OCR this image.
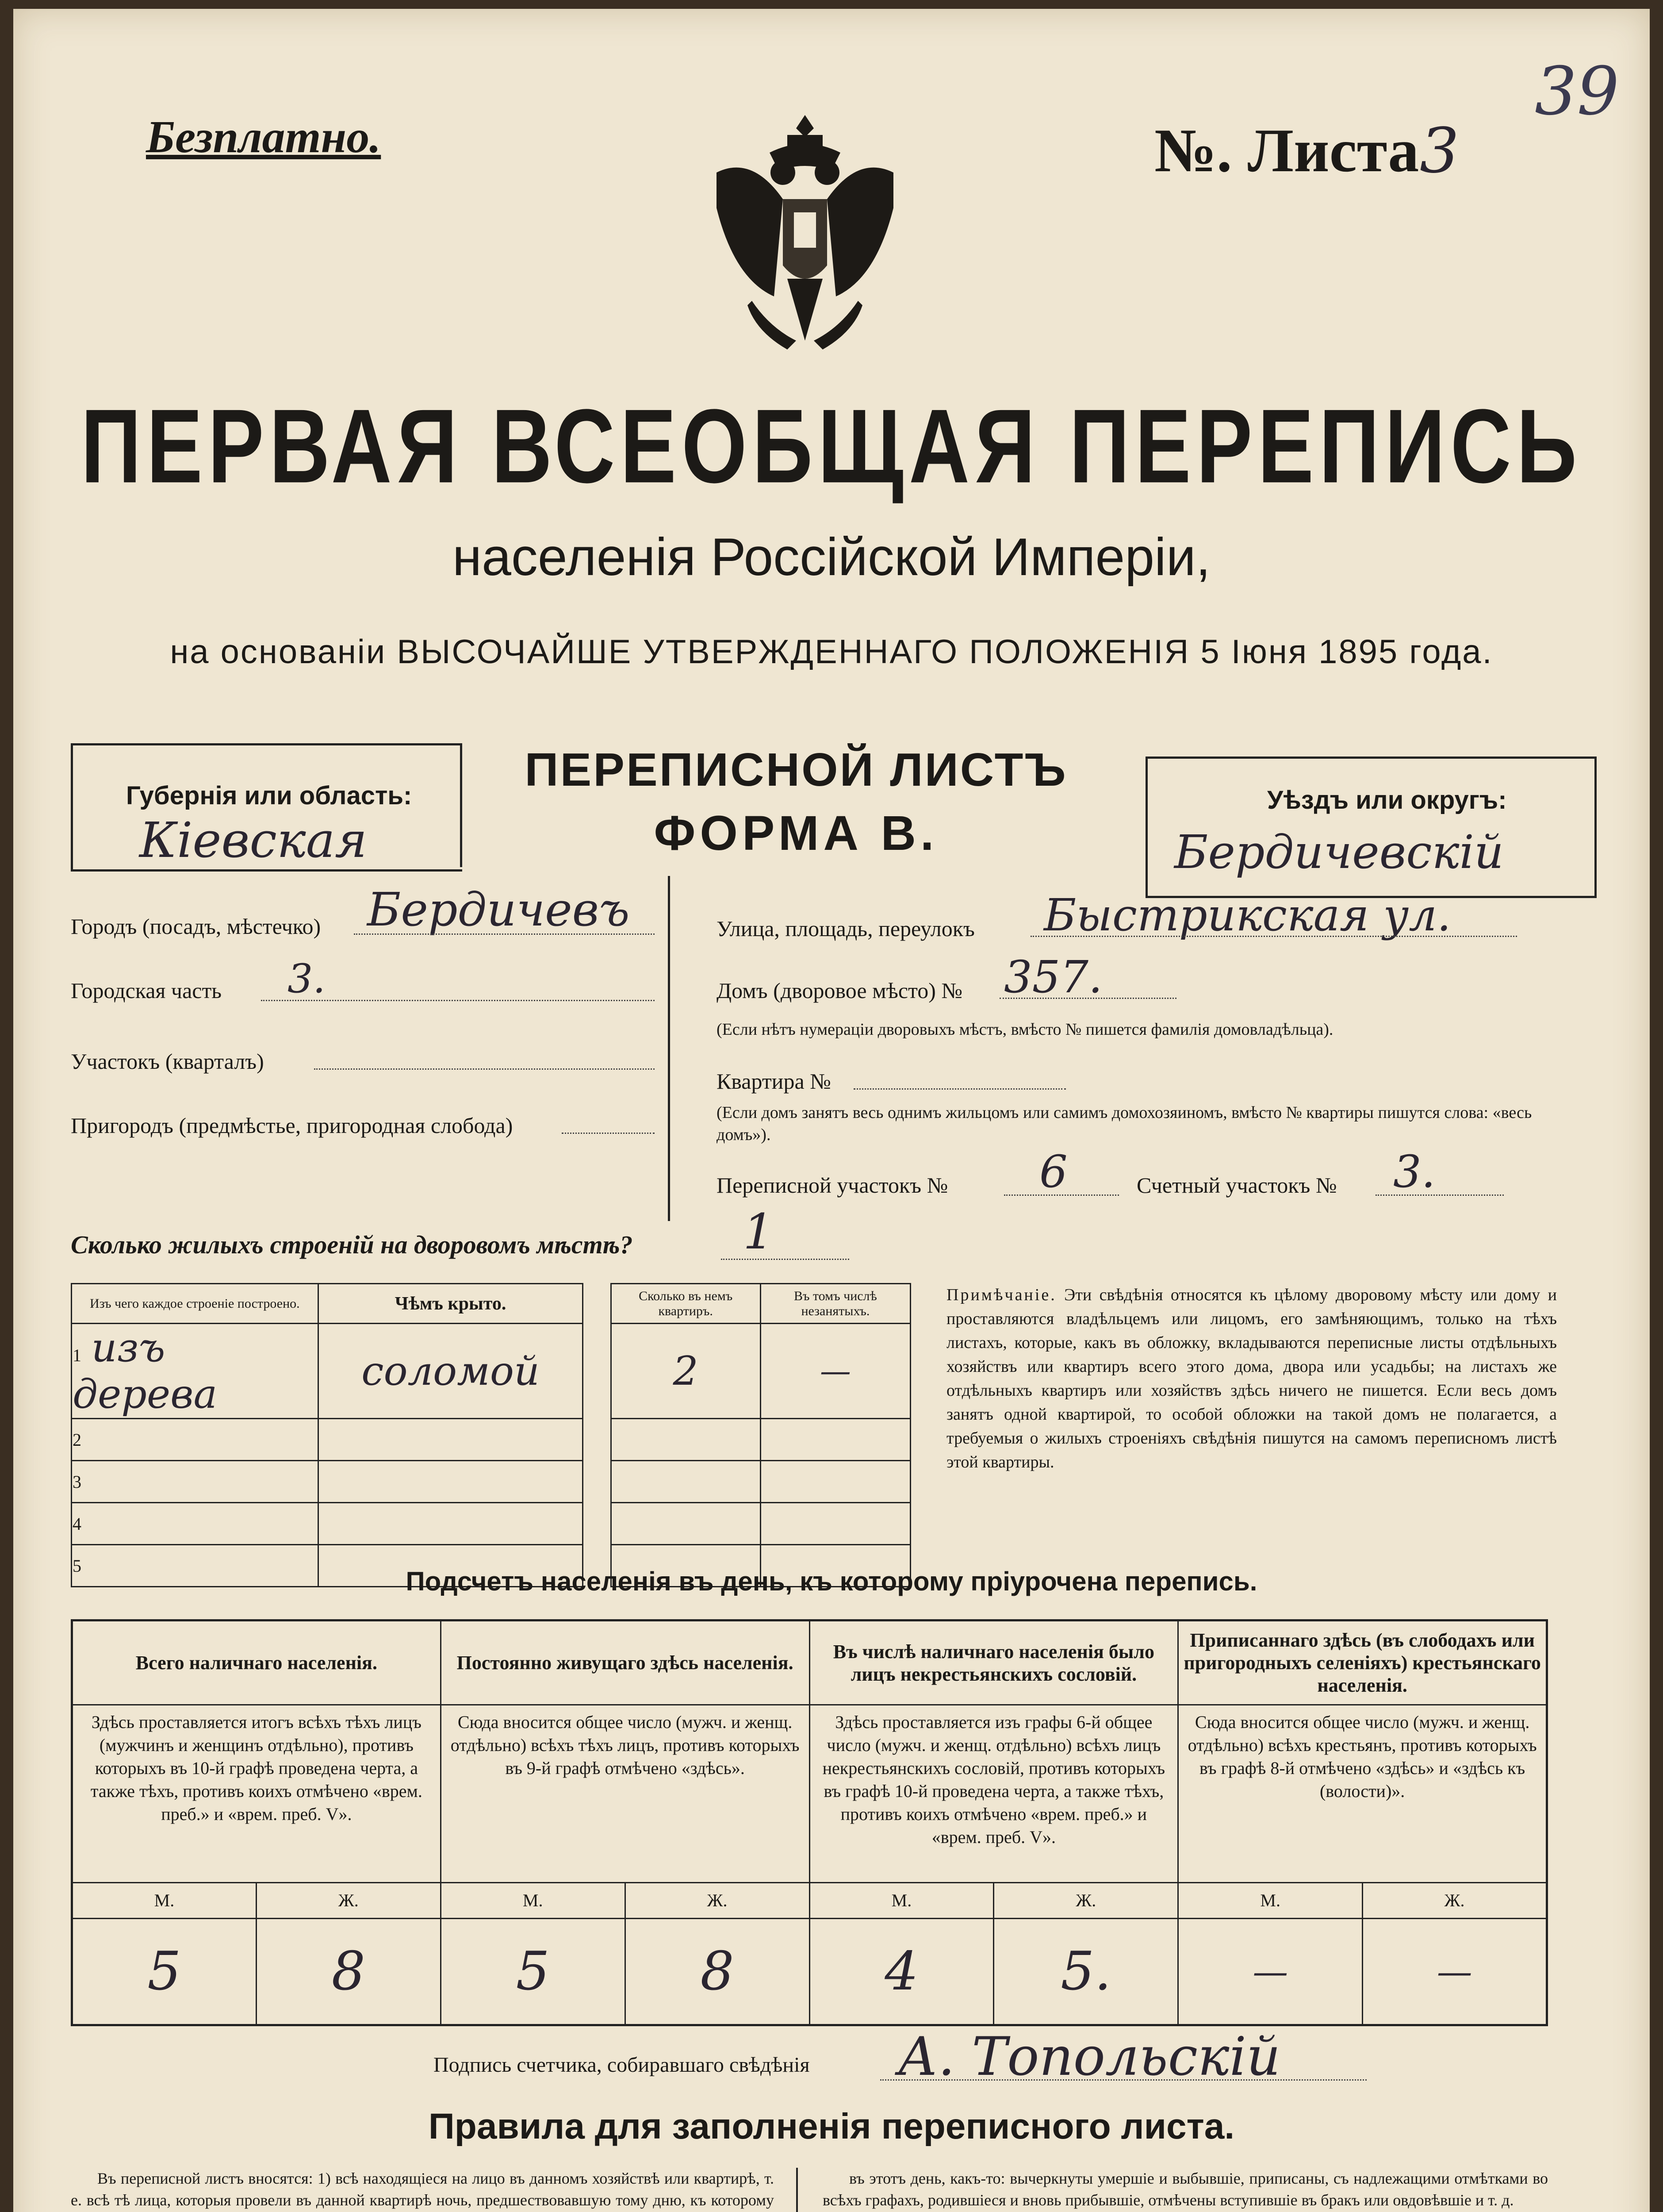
Безплатно.	№. Листа 3
39
ПЕРВАЯ ВСЕОБЩАЯ ПЕРЕПИСЬ
населенія Россійской Имперіи,
на основаніи ВЫСОЧАЙШЕ УТВЕРЖДЕННАГО ПОЛОЖЕНІЯ 5 Іюня 1895 года.
Губернія или область:
Кіевская
ПЕРЕПИСНОЙ ЛИСТЪ
ФОРМА В.
Уѣздъ или округъ:
Бердичевскій
Городъ (посадъ, мѣстечко) Бердичевъ
Городская часть 3.
Участокъ (кварталъ)
Пригородъ (предмѣстье, пригородная слобода)
Улица, площадь, переулокъ Быстрикская ул.
Домъ (дворовое мѣсто) № 357.
(Если нѣтъ нумераціи дворовыхъ мѣстъ, вмѣсто № пишется фамилія домовладѣльца).
Квартира №
(Если домъ занятъ весь однимъ жильцомъ или самимъ домохозяиномъ, вмѣсто № квартиры пишутся слова: «весь домъ»).
Переписной участокъ № 6	Счетный участокъ № 3.
Сколько жилыхъ строеній на дворовомъ мѣстѣ? 1
Изъ чего каждое строеніе построено.	Чѣмъ крыто.		Сколько въ немъ квартиръ.	Въ томъ числѣ незанятыхъ.
1 изъ дерева	соломой		2	—
2				
3				
4				
5				
Примѣчаніе. Эти свѣдѣнія относятся къ цѣлому дворовому мѣсту или дому и проставляются владѣльцемъ или лицомъ, его замѣняющимъ, только на тѣхъ листахъ, которые, какъ въ обложку, вкладываются переписные листы отдѣльныхъ хозяйствъ или квартиръ всего этого дома, двора или усадьбы; на листахъ же отдѣльныхъ квартиръ или хозяйствъ здѣсь ничего не пишется. Если весь домъ занятъ одной квартирой, то особой обложки на такой домъ не полагается, а требуемыя о жилыхъ строеніяхъ свѣдѣнія пишутся на самомъ переписномъ листѣ этой квартиры.
Подсчетъ населенія въ день, къ которому пріурочена перепись.
Всего наличнаго населенія.		Постоянно живущаго здѣсь населенія.		Въ числѣ наличнаго населенія было лицъ некрестьянскихъ сословій.		Приписаннаго здѣсь (въ слободахъ или пригородныхъ селеніяхъ) крестьянскаго населенія.	
Здѣсь проставляется итогъ всѣхъ тѣхъ лицъ (мужчинъ и женщинъ отдѣльно), противъ которыхъ въ 10-й графѣ проведена черта, а также тѣхъ, противъ коихъ отмѣчено «врем. преб.» и «врем. преб. V».		Сюда вносится общее число (мужч. и женщ. отдѣльно) всѣхъ тѣхъ лицъ, противъ которыхъ въ 9-й графѣ отмѣчено «здѣсь».		Здѣсь проставляется изъ графы 6-й общее число (мужч. и женщ. отдѣльно) всѣхъ лицъ некрестьянскихъ сословій, противъ которыхъ въ графѣ 10-й проведена черта, а также тѣхъ, противъ коихъ отмѣчено «врем. преб.» и «врем. преб. V».		Сюда вносится общее число (мужч. и женщ. отдѣльно) всѣхъ крестьянъ, противъ которыхъ въ графѣ 8-й отмѣчено «здѣсь» и «здѣсь къ (волости)».	
М.	Ж.	М.	Ж.	М.	Ж.	М.	Ж.
5	8	5	8	4	5.	—	—
Подпись счетчика, собиравшаго свѣдѣнія А. Топольскій
Правила для заполненія переписного листа.

Въ переписной листъ вносятся: 1) всѣ находящіеся на лицо въ данномъ хозяйствѣ или квартирѣ, т. е. всѣ тѣ лица, которыя провели въ данной квартирѣ ночь, предшествовавшую тому дню, къ которому

въ этотъ день, какъ-то: вычеркнуты умершіе и выбывшіе, приписаны, съ надлежащими отмѣтками во всѣхъ графахъ, родившіеся и вновь прибывшіе, отмѣчены вступившіе въ бракъ или овдовѣвшіе и т. д.
